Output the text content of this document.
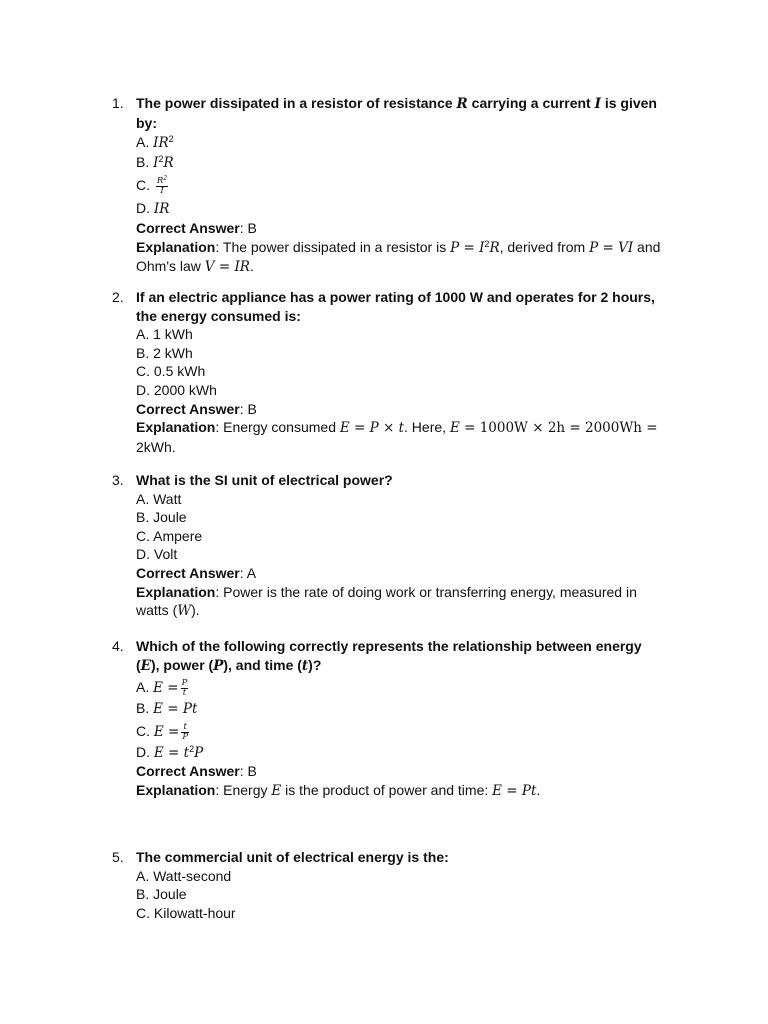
1. The power dissipated in a resistor of resistance R carrying a current I is given by:
A. $IR^2$
B. $I^2R$
C. $\frac{R^2}{I}$
D. IR
Correct Answer: B
Explanation: The power dissipated in a resistor is $P = I^2R$, derived from P = VI and
Ohm's law V = IR.
2. If an electric appliance has a power rating of 1000 W and operates for 2 hours,
the energy consumed is:
A. 1 kWh
B. 2 kWh
C. 0.5 kWh
D. 2000 kWh
Correct Answer: B
Explanation: Energy consumed E = P × t. Here, E = 1000W × 2h = 2000Wh =
2kWh.
3. What is the SI unit of electrical power?
A. Watt
B. Joule
C. Ampere
D. Volt
Correct Answer: A
Explanation: Power is the rate of doing work or transferring energy, measured in
watts (W).
4. Which of the following correctly represents the relationship between energy
(E), power (P), and time (t)?
A. $E = \frac{P}{t}$
B. E = Pt
C. $E = \frac{t}{P}$
D. $E = t^2P$
Correct Answer: B
Explanation: Energy E is the product of power and time: E = Pt.
5. The commercial unit of electrical energy is the:
A. Watt-second
B. Joule
C. Kilowatt-hour
